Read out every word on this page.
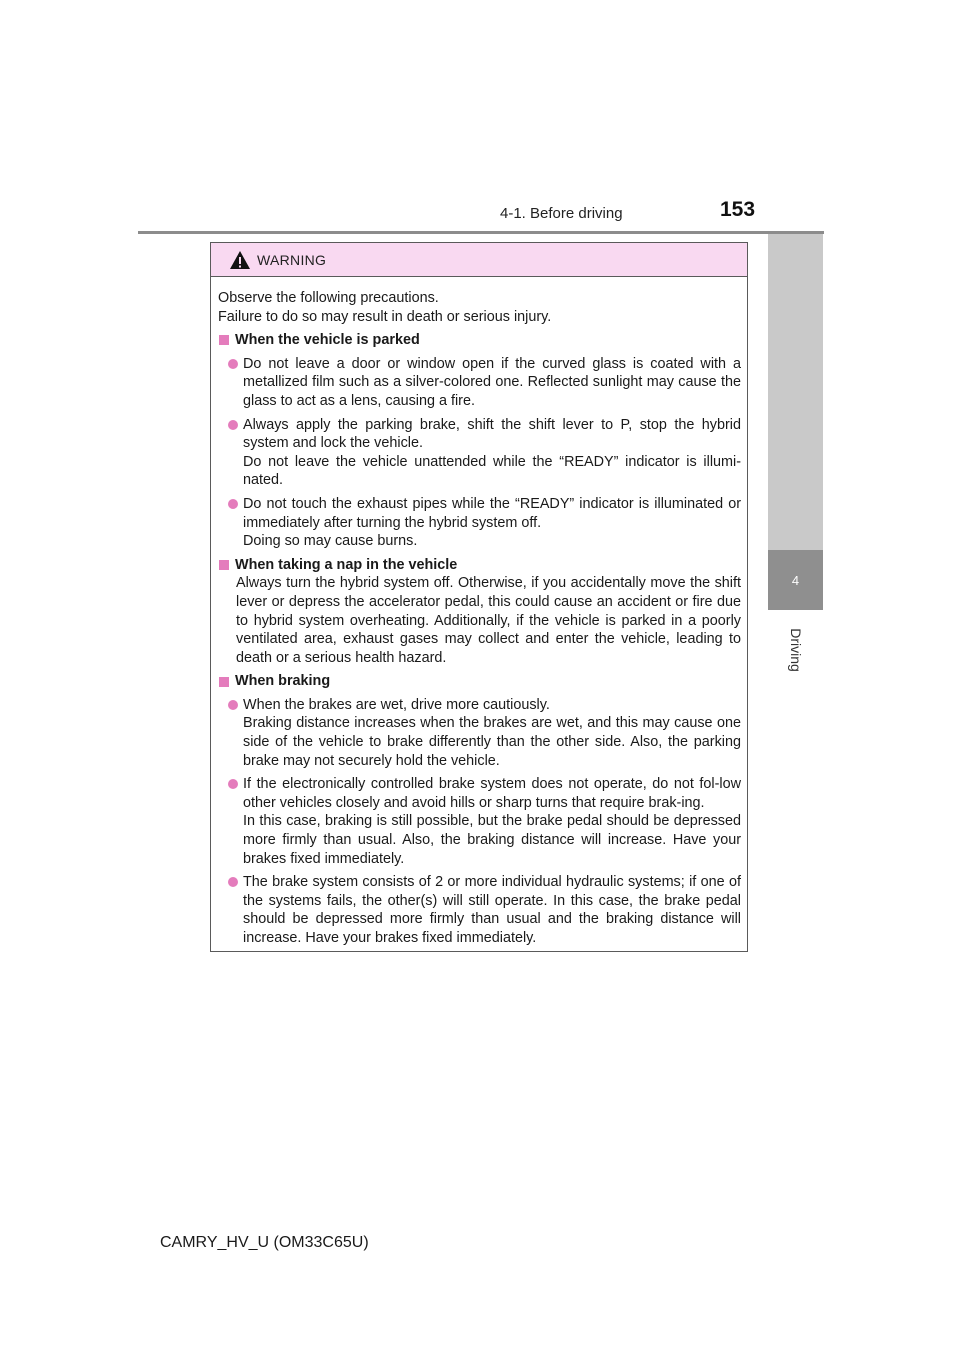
4-1. Before driving	153
4
Driving
WARNING

Observe the following precautions.

Failure to do so may result in death or serious injury.

When the vehicle is parked

Do not leave a door or window open if the curved glass is coated with a metallized film such as a silver-colored one. Reflected sunlight may cause the glass to act as a lens, causing a fire.

Always apply the parking brake, shift the shift lever to P, stop the hybrid system and lock the vehicle.

Do not leave the vehicle unattended while the “READY” indicator is illumi-nated.

Do not touch the exhaust pipes while the “READY” indicator is illuminated or immediately after turning the hybrid system off.

Doing so may cause burns.

When taking a nap in the vehicle

Always turn the hybrid system off. Otherwise, if you accidentally move the shift lever or depress the accelerator pedal, this could cause an accident or fire due to hybrid system overheating. Additionally, if the vehicle is parked in a poorly ventilated area, exhaust gases may collect and enter the vehicle, leading to death or a serious health hazard.

When braking

When the brakes are wet, drive more cautiously.

Braking distance increases when the brakes are wet, and this may cause one side of the vehicle to brake differently than the other side. Also, the parking brake may not securely hold the vehicle.

If the electronically controlled brake system does not operate, do not fol-low other vehicles closely and avoid hills or sharp turns that require brak-ing.

In this case, braking is still possible, but the brake pedal should be depressed more firmly than usual. Also, the braking distance will increase. Have your brakes fixed immediately.

The brake system consists of 2 or more individual hydraulic systems; if one of the systems fails, the other(s) will still operate. In this case, the brake pedal should be depressed more firmly than usual and the braking distance will increase. Have your brakes fixed immediately.

CAMRY_HV_U (OM33C65U)
